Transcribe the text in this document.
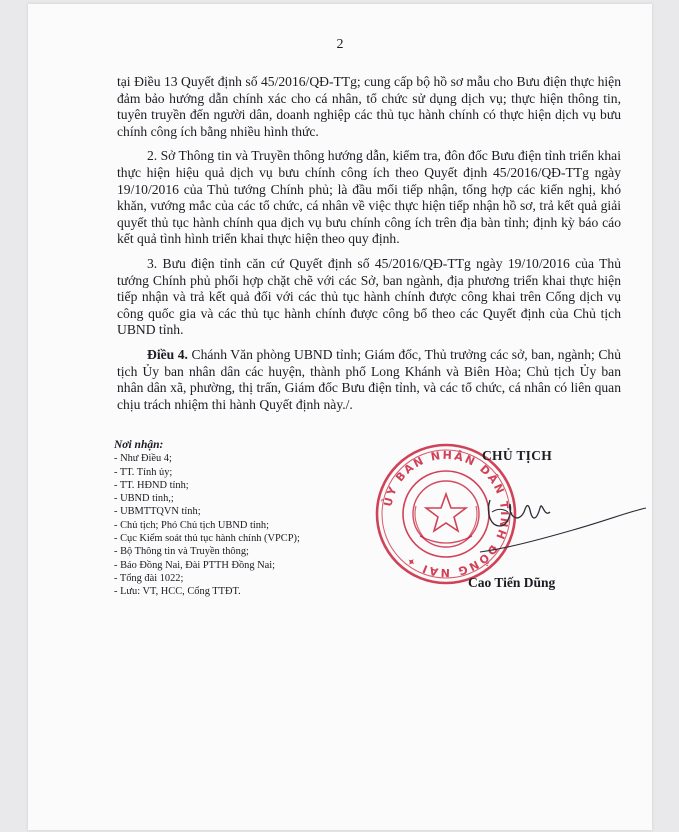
2

tại Điều 13 Quyết định số 45/2016/QĐ-TTg; cung cấp bộ hồ sơ mẫu cho Bưu điện thực hiện đảm bảo hướng dẫn chính xác cho cá nhân, tổ chức sử dụng dịch vụ; thực hiện thông tin, tuyên truyền đến người dân, doanh nghiệp các thủ tục hành chính có thực hiện dịch vụ bưu chính công ích bằng nhiều hình thức.

2. Sở Thông tin và Truyền thông hướng dẫn, kiểm tra, đôn đốc Bưu điện tỉnh triển khai thực hiện hiệu quả dịch vụ bưu chính công ích theo Quyết định 45/2016/QĐ-TTg ngày 19/10/2016 của Thủ tướng Chính phủ; là đầu mối tiếp nhận, tổng hợp các kiến nghị, khó khăn, vướng mắc của các tổ chức, cá nhân về việc thực hiện tiếp nhận hồ sơ, trả kết quả giải quyết thủ tục hành chính qua dịch vụ bưu chính công ích trên địa bàn tỉnh; định kỳ báo cáo kết quả tình hình triển khai thực hiện theo quy định.

3. Bưu điện tỉnh căn cứ Quyết định số 45/2016/QĐ-TTg ngày 19/10/2016 của Thủ tướng Chính phủ phối hợp chặt chẽ với các Sở, ban ngành, địa phương triển khai thực hiện tiếp nhận và trả kết quả đối với các thủ tục hành chính được công khai trên Cổng dịch vụ công quốc gia và các thủ tục hành chính được công bố theo các Quyết định của Chủ tịch UBND tỉnh.

Điều 4. Chánh Văn phòng UBND tỉnh; Giám đốc, Thủ trưởng các sở, ban, ngành; Chủ tịch Ủy ban nhân dân các huyện, thành phố Long Khánh và Biên Hòa; Chủ tịch Ủy ban nhân dân xã, phường, thị trấn, Giám đốc Bưu điện tỉnh, và các tổ chức, cá nhân có liên quan chịu trách nhiệm thi hành Quyết định này./.

Nơi nhận:
- Như Điều 4;
- TT. Tỉnh ủy;
- TT. HĐND tỉnh;
- UBND tỉnh,;
- UBMTTQVN tỉnh;
- Chủ tịch; Phó Chủ tịch UBND tỉnh;
- Cục Kiểm soát thủ tục hành chính (VPCP);
- Bộ Thông tin và Truyền thông;
- Báo Đồng Nai, Đài PTTH Đồng Nai;
- Tổng đài 1022;
- Lưu: VT, HCC, Cổng TTĐT.
ỦY BAN NHÂN DÂN TỈNH ĐỒNG NAI ✦
CHỦ TỊCH
Cao Tiến Dũng
